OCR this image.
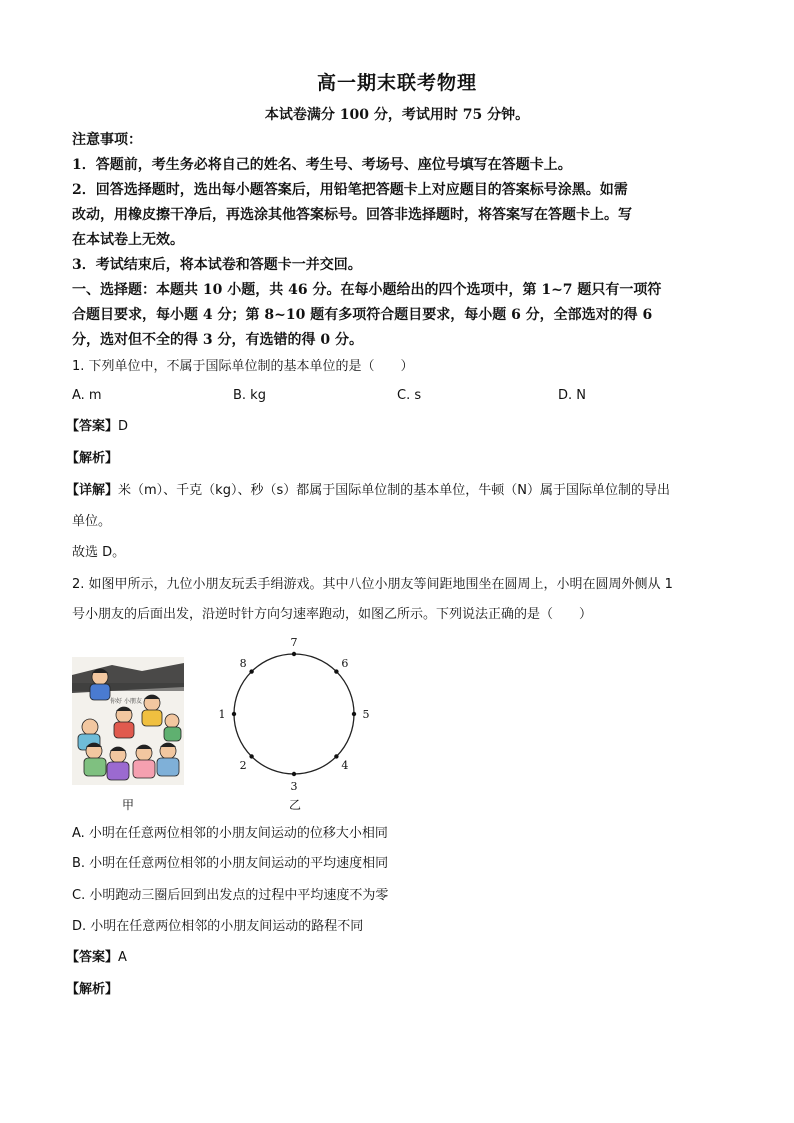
高一期末联考物理
本试卷满分 100 分，考试用时 75 分钟。
注意事项：
1．答题前，考生务必将自己的姓名、考生号、考场号、座位号填写在答题卡上。
2．回答选择题时，选出每小题答案后，用铅笔把答题卡上对应题目的答案标号涂黑。如需
改动，用橡皮擦干净后，再选涂其他答案标号。回答非选择题时，将答案写在答题卡上。写
在本试卷上无效。
3．考试结束后，将本试卷和答题卡一并交回。
一、选择题：本题共 10 小题，共 46 分。在每小题给出的四个选项中，第 1~7 题只有一项符
合题目要求，每小题 4 分；第 8~10 题有多项符合题目要求，每小题 6 分，全部选对的得 6
分，选对但不全的得 3 分，有选错的得 0 分。
1. 下列单位中，不属于国际单位制的基本单位的是（　　）
A. m	B. kg	C. s	D. N
【答案】D
【解析】
【详解】米（m）、千克（kg）、秒（s）都属于国际单位制的基本单位，牛顿（N）属于国际单位制的导出
单位。
故选 D。
2. 如图甲所示，九位小朋友玩丢手绢游戏。其中八位小朋友等间距地围坐在圆周上，小明在圆周外侧从 1
号小朋友的后面出发，沿逆时针方向匀速率跑动，如图乙所示。下列说法正确的是（　　）
你好 小朋友
甲
1
2
3
4
5
6
7
8
乙
A. 小明在任意两位相邻的小朋友间运动的位移大小相同
B. 小明在任意两位相邻的小朋友间运动的平均速度相同
C. 小明跑动三圈后回到出发点的过程中平均速度不为零
D. 小明在任意两位相邻的小朋友间运动的路程不同
【答案】A
【解析】
